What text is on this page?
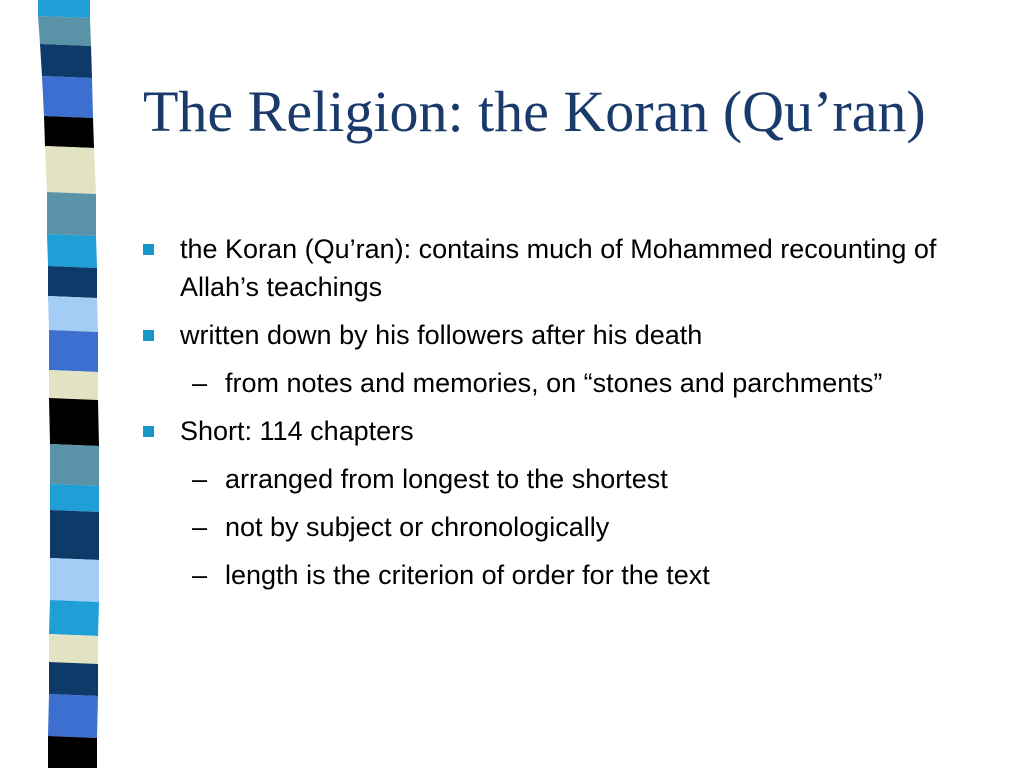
The Religion: the Koran (Qu’ran)
the Koran (Qu’ran): contains much of Mohammed recounting of Allah’s teachings
written down by his followers after his death
– from notes and memories, on “stones and parchments”
Short: 114 chapters
– arranged from longest to the shortest
– not by subject or chronologically
– length is the criterion of order for the text
